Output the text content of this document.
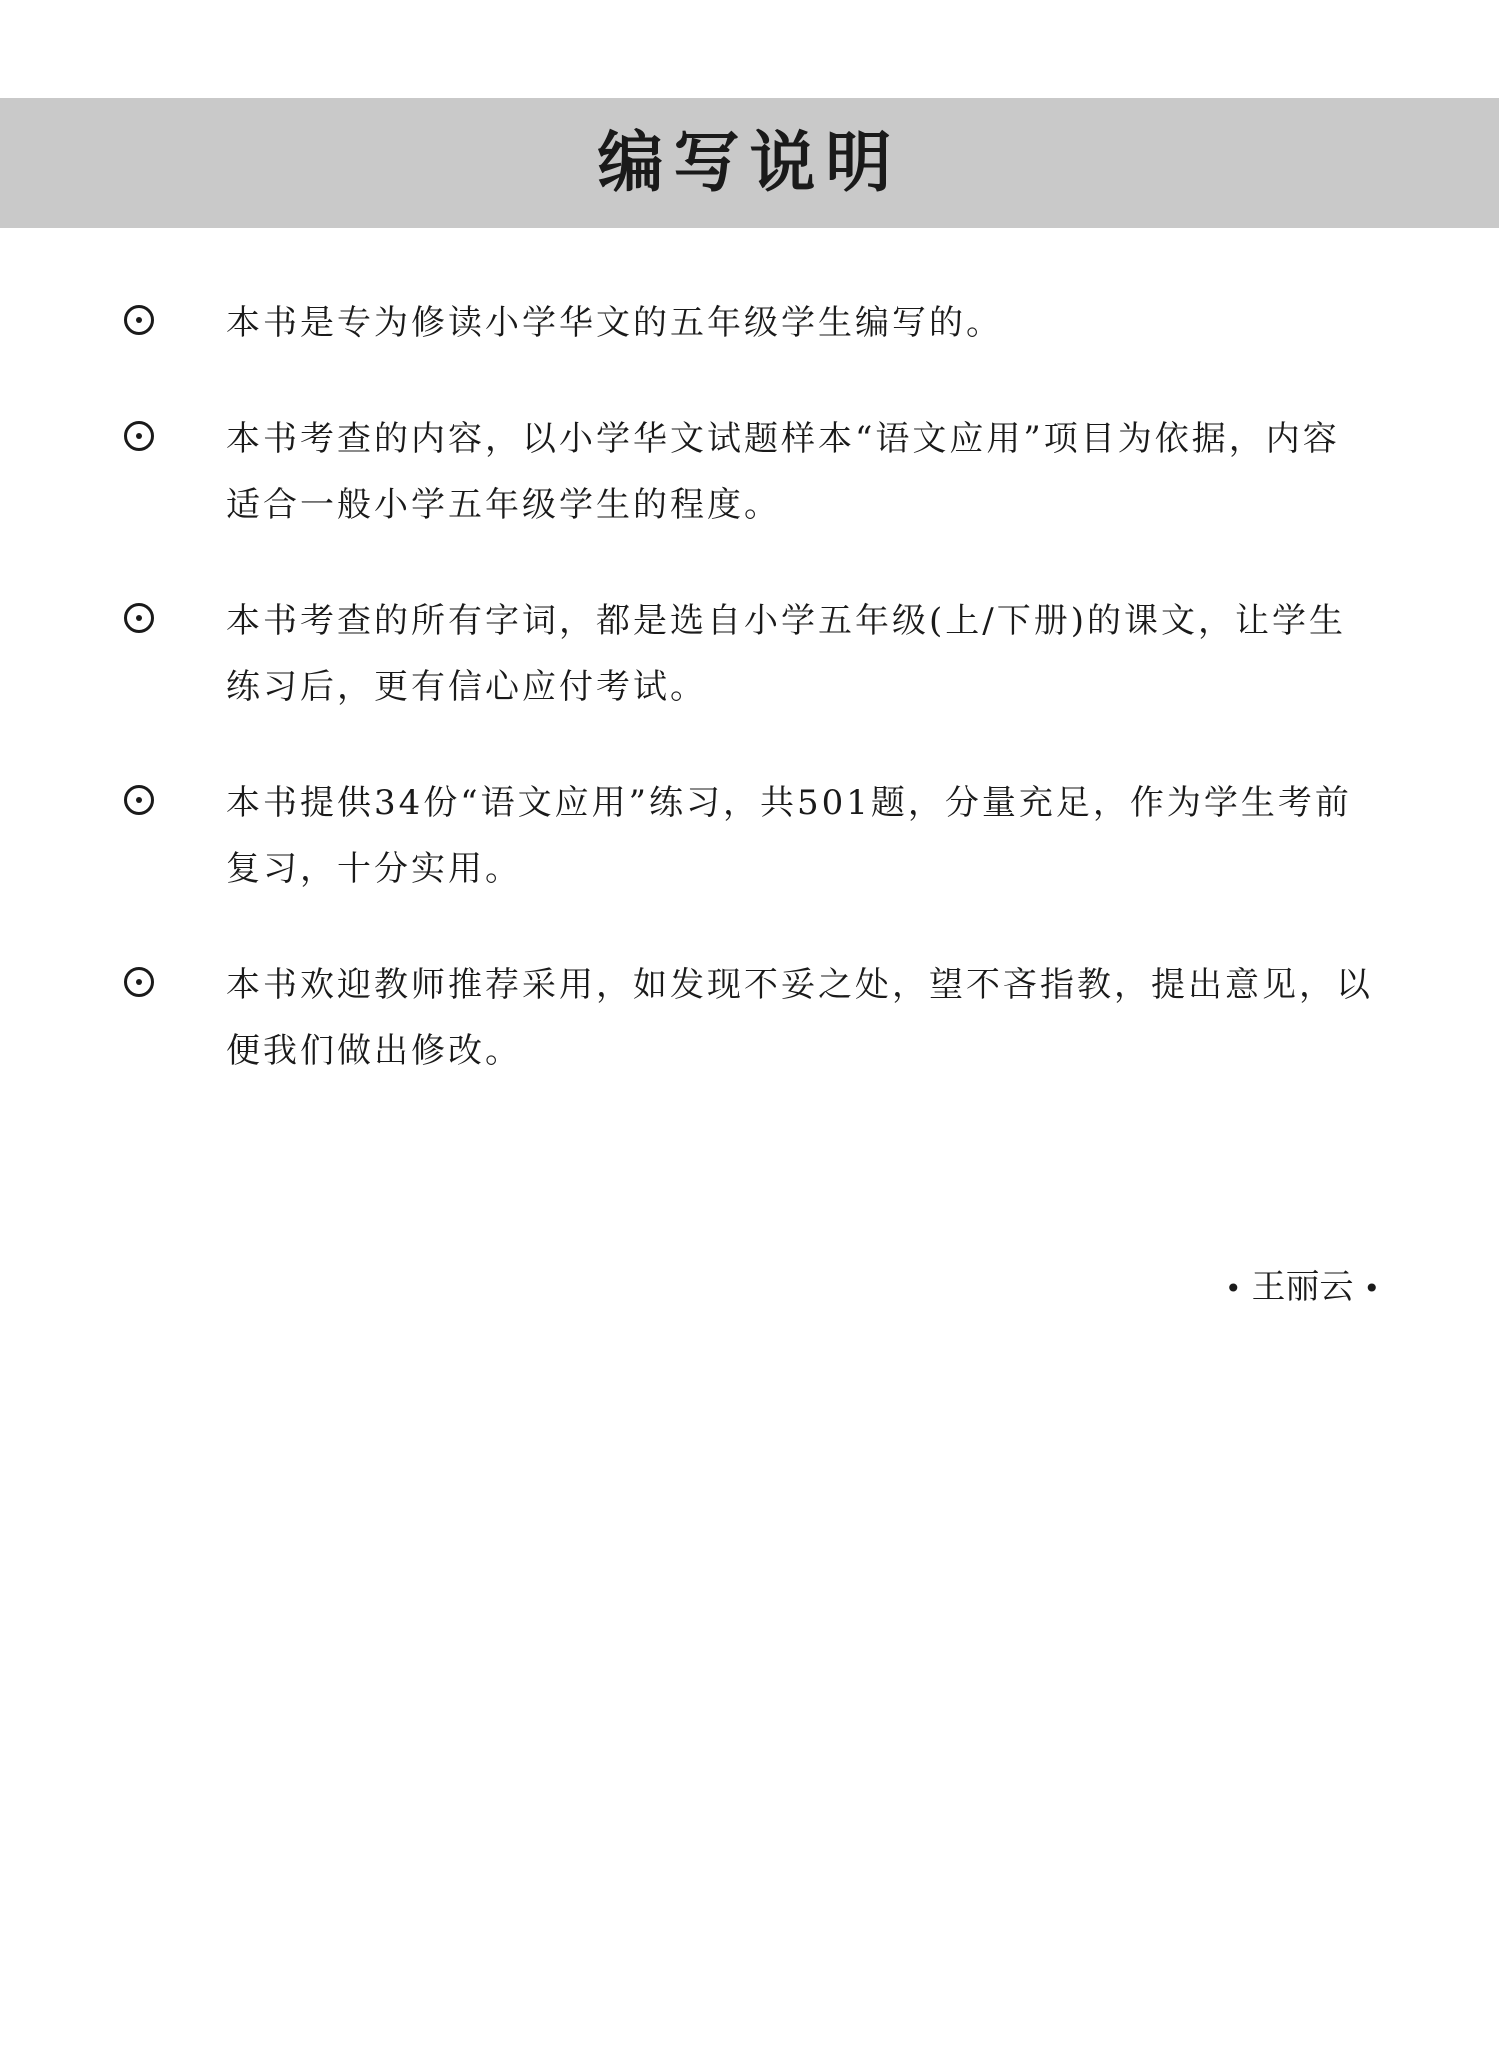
编写说明
本书是专为修读小学华文的五年级学生编写的。
本书考查的内容，以小学华文试题样本“语文应用”项目为依据，内容适合一般小学五年级学生的程度。
本书考查的所有字词，都是选自小学五年级(上/下册)的课文，让学生练习后，更有信心应付考试。
本书提供34份“语文应用”练习，共501题，分量充足，作为学生考前复习，十分实用。
本书欢迎教师推荐采用，如发现不妥之处，望不吝指教，提出意见，以便我们做出修改。
• 王丽云 •
